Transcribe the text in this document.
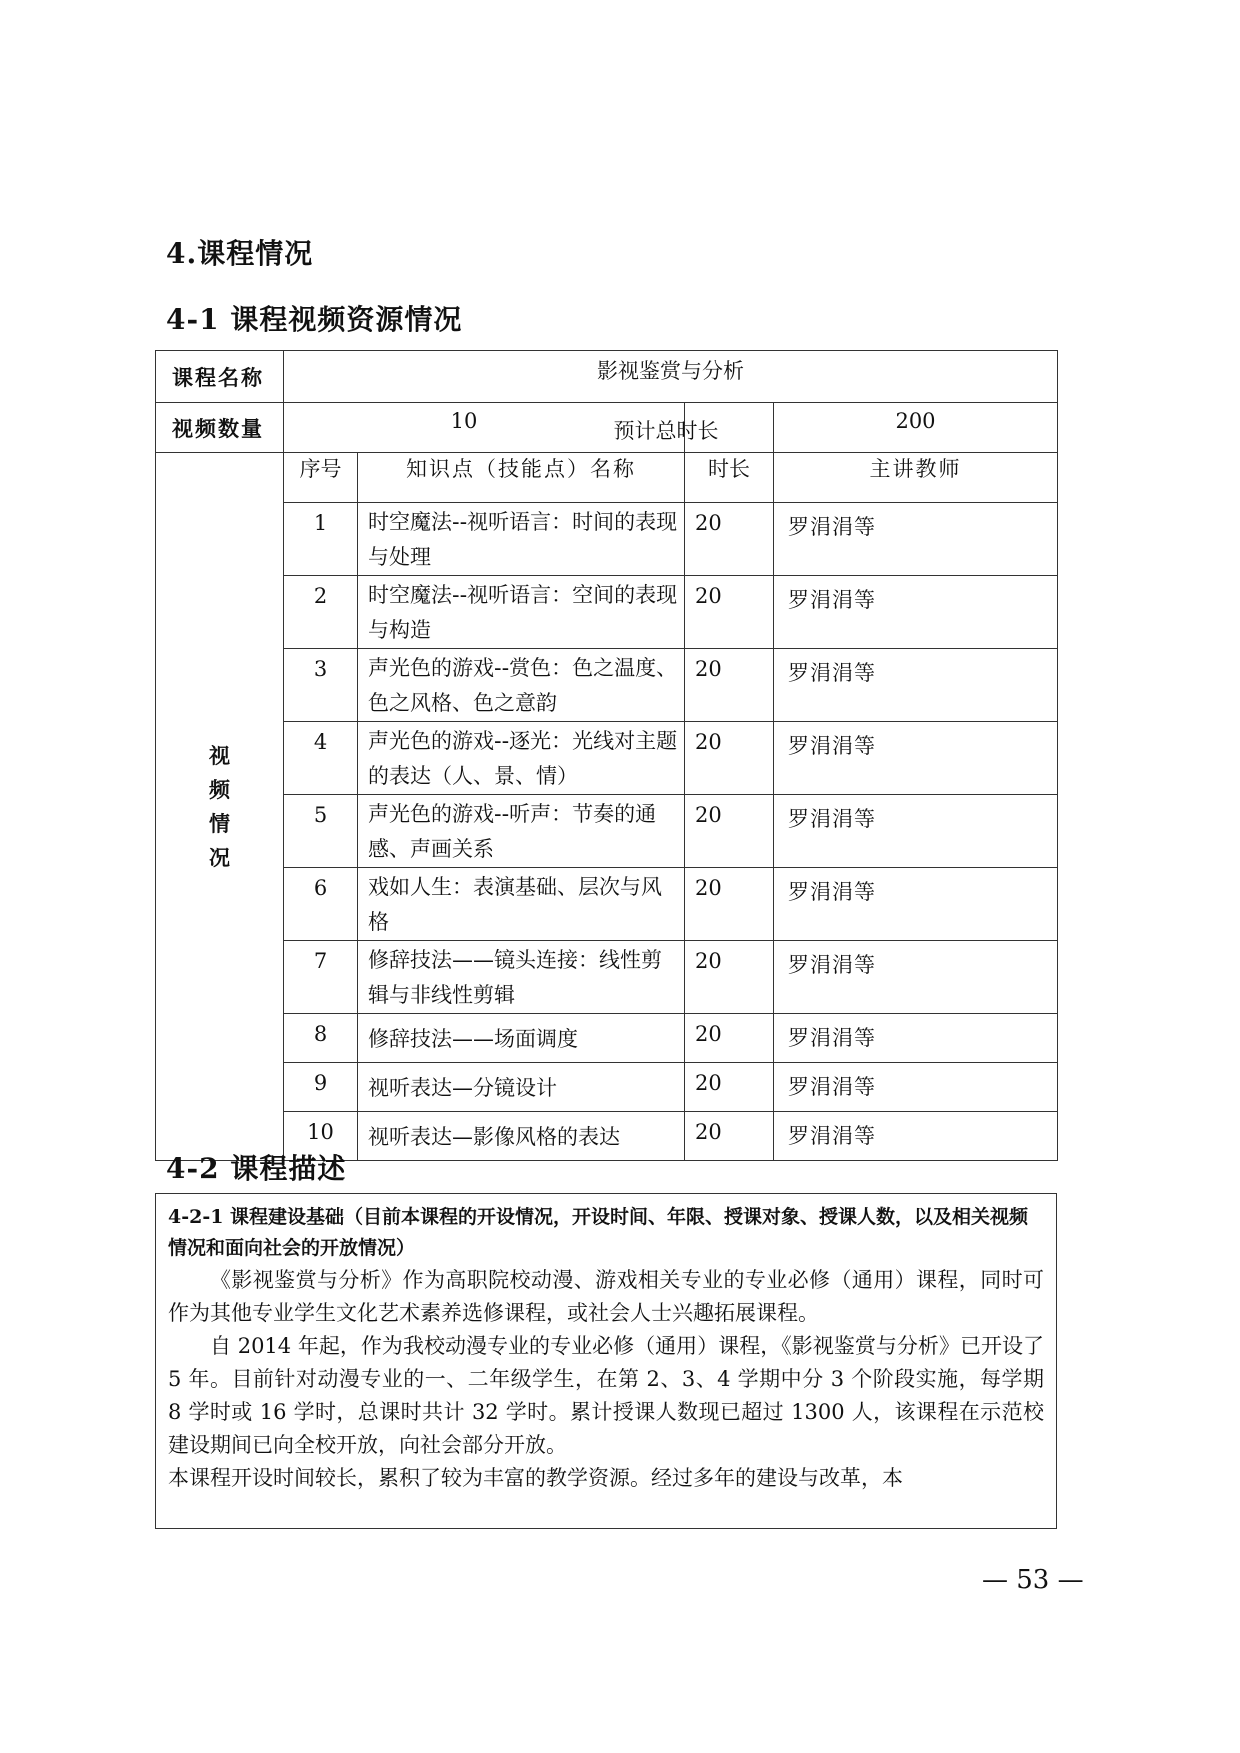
4.课程情况
4-1 课程视频资源情况
课程名称	影视鉴赏与分析			
视频数量	10		预计总时长	200

视
频
情
况	序号	知识点（技能点）名称	时长	主讲教师
	1	时空魔法--视听语言：时间的表现与处理	20	罗涓涓等
	2	时空魔法--视听语言：空间的表现与构造	20	罗涓涓等
	3	声光色的游戏--赏色：色之温度、色之风格、色之意韵	20	罗涓涓等
	4	声光色的游戏--逐光：光线对主题的表达（人、景、情）	20	罗涓涓等
	5	声光色的游戏--听声：节奏的通感、声画关系	20	罗涓涓等
	6	戏如人生：表演基础、层次与风格	20	罗涓涓等
	7	修辞技法——镜头连接：线性剪辑与非线性剪辑	20	罗涓涓等
	8	修辞技法——场面调度	20	罗涓涓等
	9	视听表达—分镜设计	20	罗涓涓等
	10	视听表达—影像风格的表达	20	罗涓涓等
4-2 课程描述
4-2-1 课程建设基础（目前本课程的开设情况，开设时间、年限、授课对象、授课人数，以及相关视频情况和面向社会的开放情况）

《影视鉴赏与分析》作为高职院校动漫、游戏相关专业的专业必修（通用）课程，同时可作为其他专业学生文化艺术素养选修课程，或社会人士兴趣拓展课程。

自 2014 年起，作为我校动漫专业的专业必修（通用）课程，《影视鉴赏与分析》已开设了 5 年。目前针对动漫专业的一、二年级学生，在第 2、3、4 学期中分 3 个阶段实施，每学期 8 学时或 16 学时，总课时共计 32 学时。累计授课人数现已超过 1300 人，该课程在示范校建设期间已向全校开放，向社会部分开放。

本课程开设时间较长，累积了较为丰富的教学资源。经过多年的建设与改革，本

— 53 —
